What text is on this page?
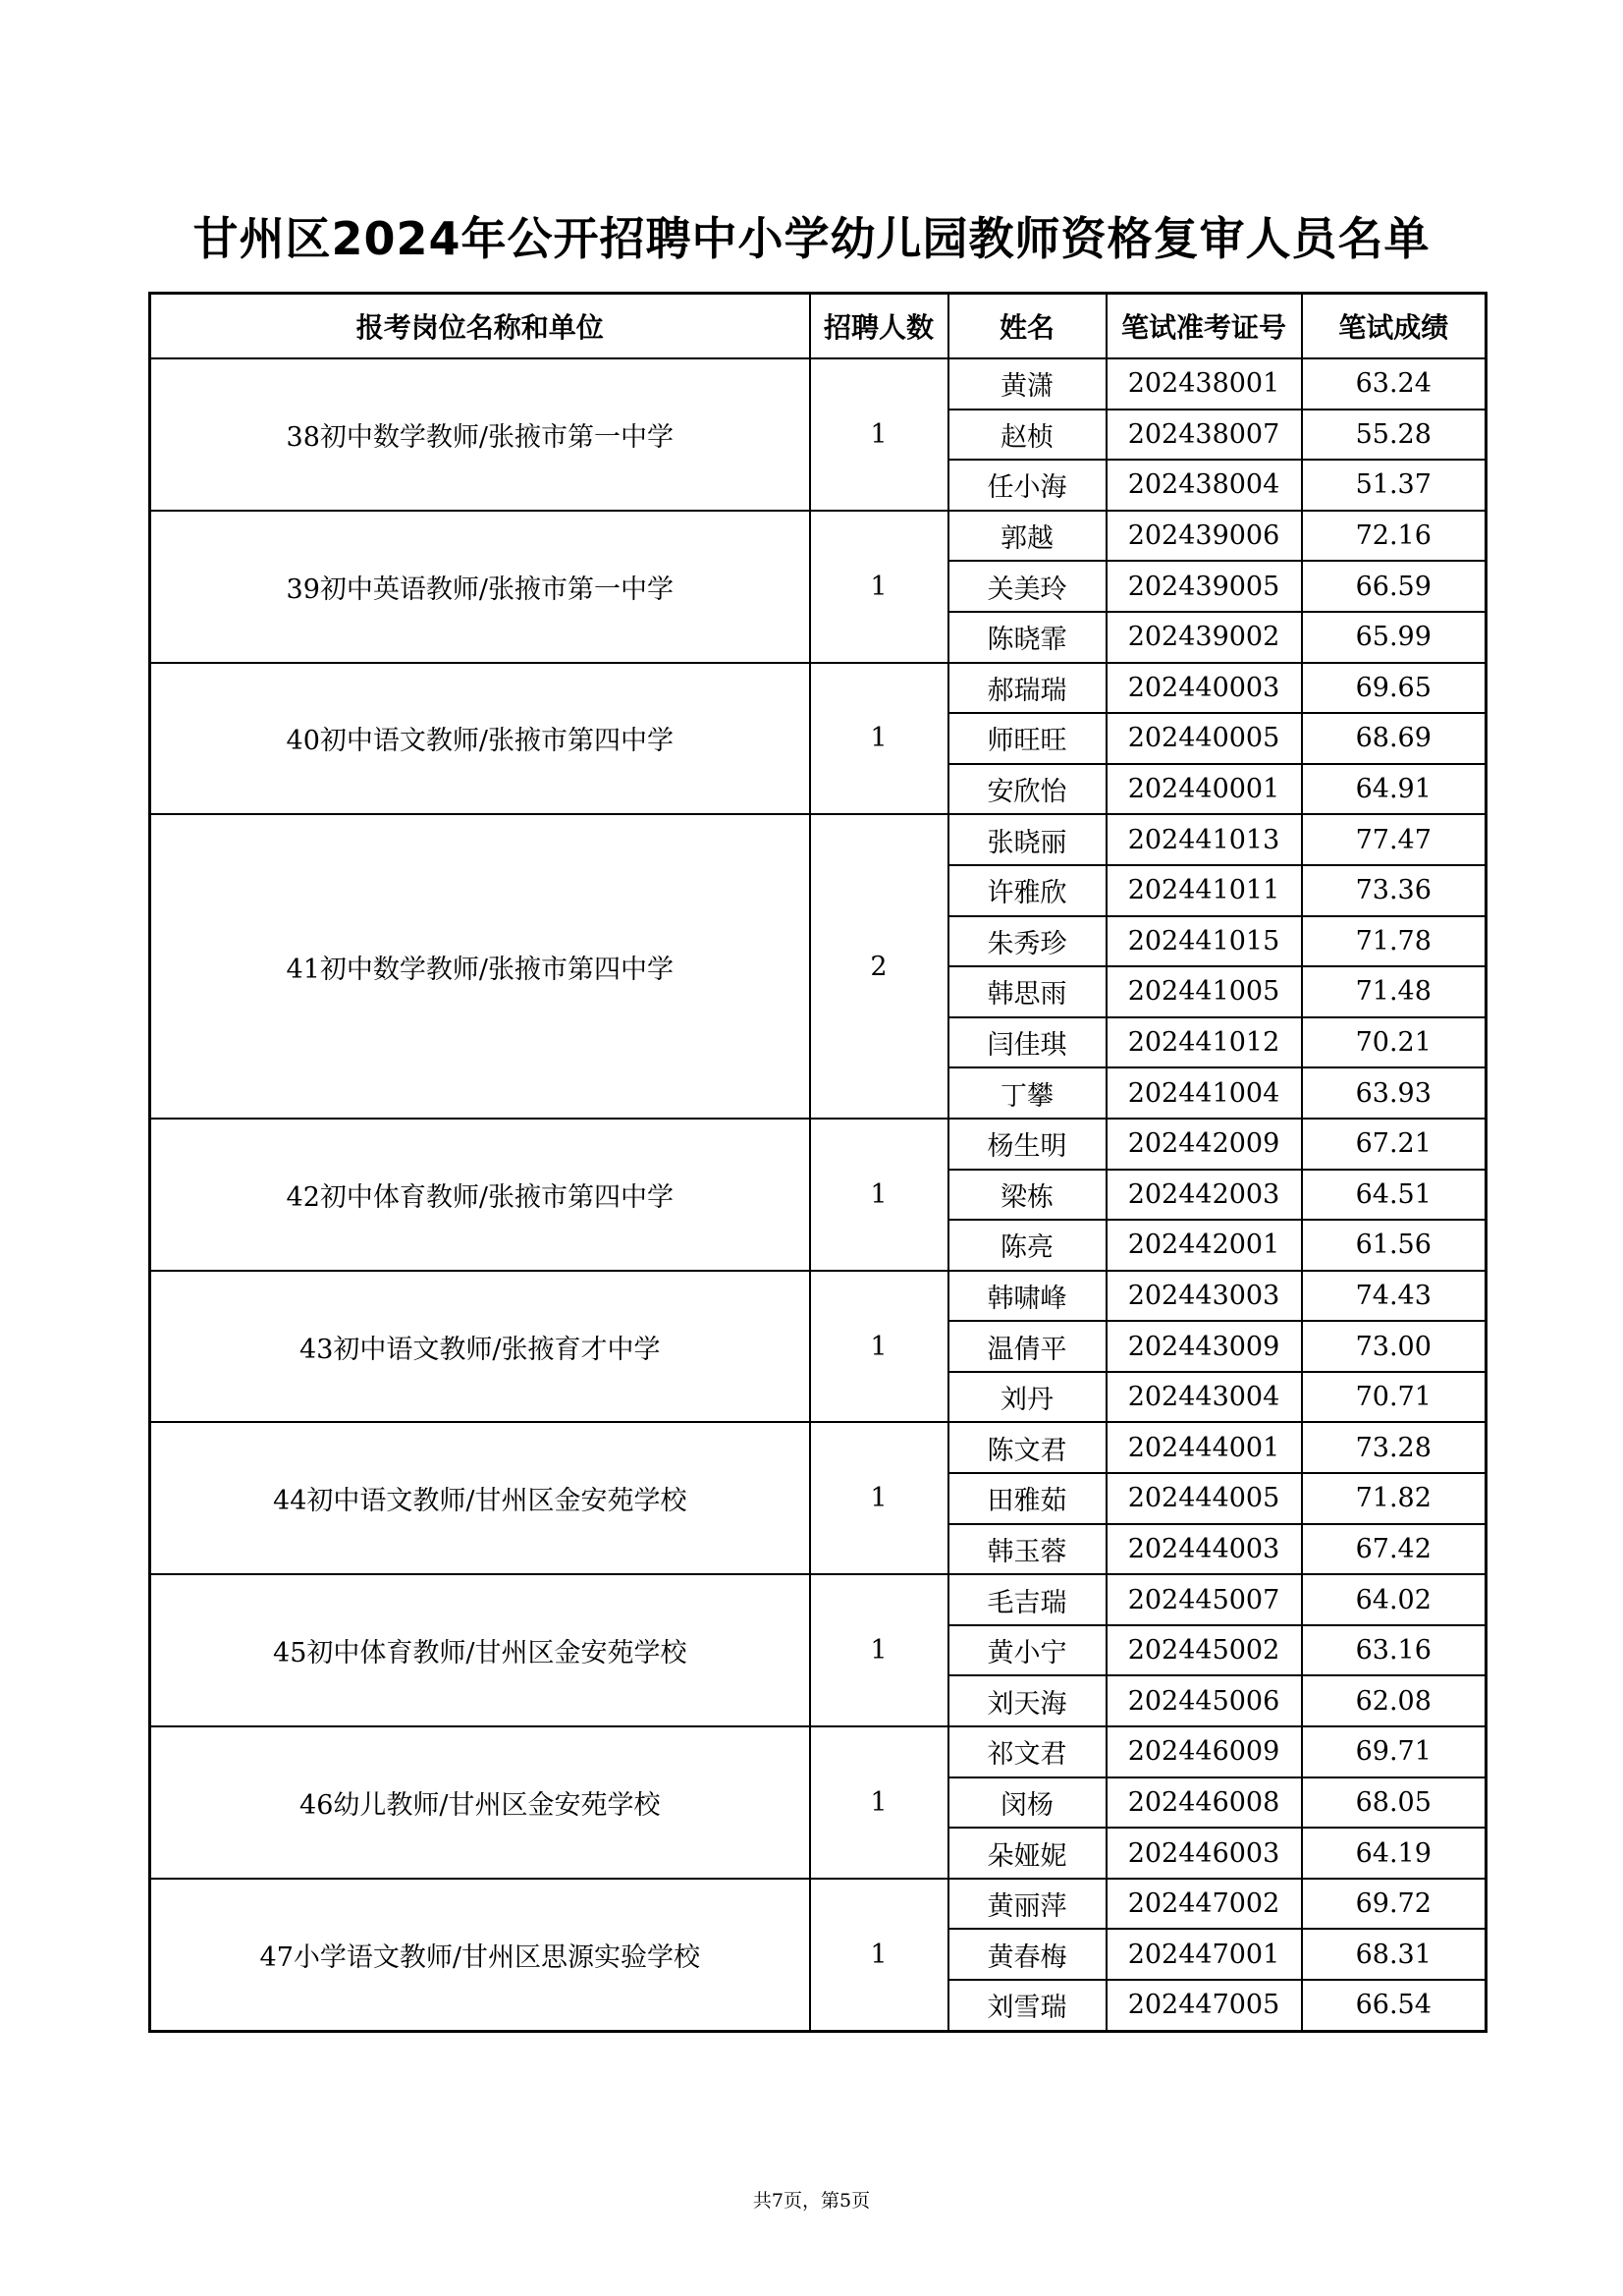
甘州区2024年公开招聘中小学幼儿园教师资格复审人员名单
报考岗位名称和单位	招聘人数	姓名	笔试准考证号	笔试成绩
38初中数学教师/张掖市第一中学	1	黄潇	202438001	63.24
		赵桢	202438007	55.28
		任小海	202438004	51.37
39初中英语教师/张掖市第一中学	1	郭越	202439006	72.16
		关美玲	202439005	66.59
		陈晓霏	202439002	65.99
40初中语文教师/张掖市第四中学	1	郝瑞瑞	202440003	69.65
		师旺旺	202440005	68.69
		安欣怡	202440001	64.91
41初中数学教师/张掖市第四中学	2	张晓丽	202441013	77.47
		许雅欣	202441011	73.36
		朱秀珍	202441015	71.78
		韩思雨	202441005	71.48
		闫佳琪	202441012	70.21
		丁攀	202441004	63.93
42初中体育教师/张掖市第四中学	1	杨生明	202442009	67.21
		梁栋	202442003	64.51
		陈亮	202442001	61.56
43初中语文教师/张掖育才中学	1	韩啸峰	202443003	74.43
		温倩平	202443009	73.00
		刘丹	202443004	70.71
44初中语文教师/甘州区金安苑学校	1	陈文君	202444001	73.28
		田雅茹	202444005	71.82
		韩玉蓉	202444003	67.42
45初中体育教师/甘州区金安苑学校	1	毛吉瑞	202445007	64.02
		黄小宁	202445002	63.16
		刘天海	202445006	62.08
46幼儿教师/甘州区金安苑学校	1	祁文君	202446009	69.71
		闵杨	202446008	68.05
		朵娅妮	202446003	64.19
47小学语文教师/甘州区思源实验学校	1	黄丽萍	202447002	69.72
		黄春梅	202447001	68.31
		刘雪瑞	202447005	66.54
共7页，第5页
